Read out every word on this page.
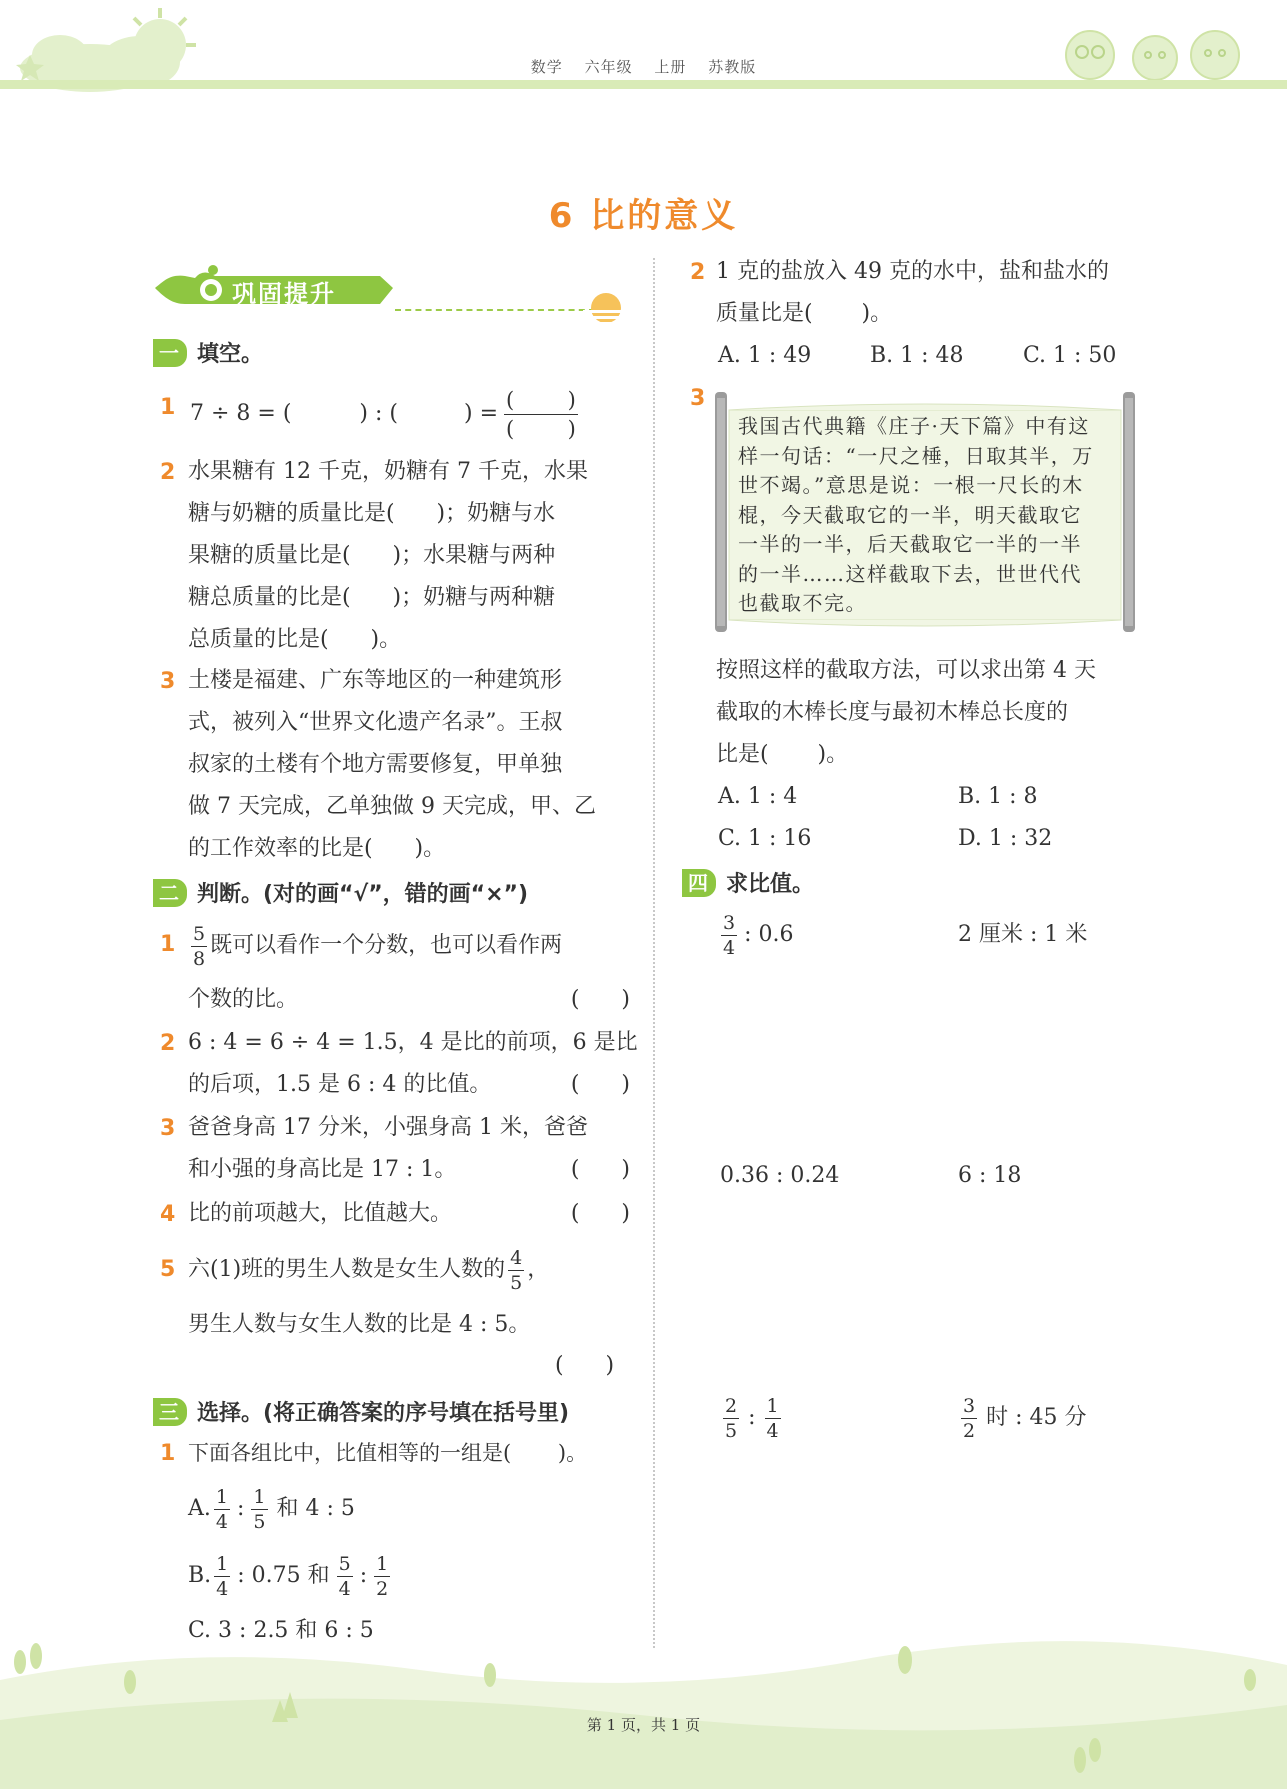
数学 六年级 上册 苏教版
6 比的意义
巩固提升
一 填空。
1 7 ÷ 8 = (	) : (	) = $\frac{( )}{( )}$
2 水果糖有 12 千克，奶糖有 7 千克，水果
糖与奶糖的质量比是(      )；奶糖与水
果糖的质量比是(      )；水果糖与两种
糖总质量的比是(      )；奶糖与两种糖
总质量的比是(      )。
3 土楼是福建、广东等地区的一种建筑形
式，被列入“世界文化遗产名录”。王叔
叔家的土楼有个地方需要修复，甲单独
做 7 天完成，乙单独做 9 天完成，甲、乙
的工作效率的比是(      )。
二 判断。(对的画“√”，错的画“×”)
$1 \frac{5}{8}$ 既可以看作一个分数，也可以看作两
个数的比。	(      )
2 6 : 4 = 6 ÷ 4 = 1.5，4 是比的前项，6 是比
的后项，1.5 是 6 : 4 的比值。	(      )
3 爸爸身高 17 分米，小强身高 1 米，爸爸
和小强的身高比是 17 : 1。	(      )
4 比的前项越大，比值越大。	(      )
5 六(1)班的男生人数是女生人数的 $\frac{4}{5}$ ，
男生人数与女生人数的比是 4 : 5。
(      )
三 选择。(将正确答案的序号填在括号里)
1 下面各组比中，比值相等的一组是(       )。
A. $\frac{1}{4}$ : $\frac{1}{5}$ 和 4 : 5
B. $\frac{1}{4}$ : 0.75 和 $\frac{5}{4}$ : $\frac{1}{2}$
C. 3 : 2.5 和 6 : 5
2 1 克的盐放入 49 克的水中，盐和盐水的
质量比是(       )。
A. 1 : 49	B. 1 : 48	C. 1 : 50
3
我国古代典籍《庄子·天下篇》中有这
样一句话：“一尺之棰，日取其半，万
世不竭。”意思是说：一根一尺长的木
棍，今天截取它的一半，明天截取它
一半的一半，后天截取它一半的一半
的一半……这样截取下去，世世代代
也截取不完。
按照这样的截取方法，可以求出第 4 天
截取的木棒长度与最初木棒总长度的
比是(       )。
A. 1 : 4	B. 1 : 8
C. 1 : 16	D. 1 : 32
四 求比值。
$\frac{3}{4}$ : 0.6	2 厘米 : 1 米
0.36 : 0.24	6 : 18
$\frac{2}{5}$ : $\frac{1}{4}$	$\frac{3}{2}$ 时 : 45 分
第 1 页，共 1 页
